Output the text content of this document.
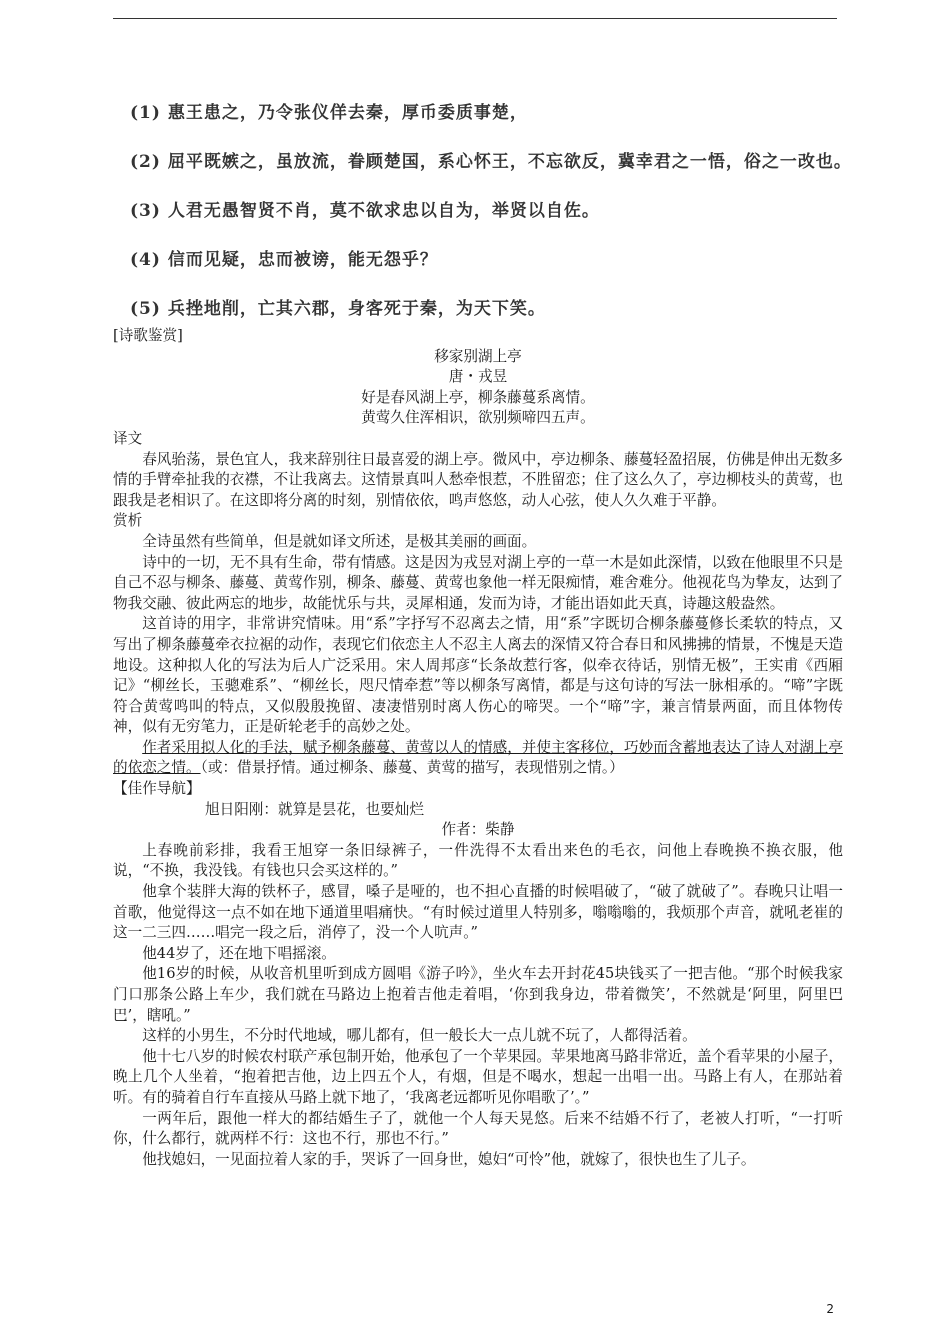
(1) 惠王患之，乃令张仪佯去秦，厚币委质事楚，
(2) 屈平既嫉之，虽放流，眷顾楚国，系心怀王，不忘欲反，冀幸君之一悟，俗之一改也。
(3) 人君无愚智贤不肖，莫不欲求忠以自为，举贤以自佐。
(4) 信而见疑，忠而被谤，能无怨乎？
(5) 兵挫地削，亡其六郡，身客死于秦，为天下笑。

[诗歌鉴赏]

移家别湖上亭

唐・戎昱

好是春风湖上亭，柳条藤蔓系离情。

黄莺久住浑相识，欲别频啼四五声。

译文

春风骀荡，景色宜人，我来辞别往日最喜爱的湖上亭。微风中，亭边柳条、藤蔓轻盈招展，仿佛是伸出无数多情的手臂牵扯我的衣襟，不让我离去。这情景真叫人愁牵恨惹，不胜留恋；住了这么久了，亭边柳枝头的黄莺，也跟我是老相识了。在这即将分离的时刻，别情依依，鸣声悠悠，动人心弦，使人久久难于平静。

赏析

全诗虽然有些简单，但是就如译文所述，是极其美丽的画面。

诗中的一切，无不具有生命，带有情感。这是因为戎昱对湖上亭的一草一木是如此深情，以致在他眼里不只是自己不忍与柳条、藤蔓、黄莺作别，柳条、藤蔓、黄莺也象他一样无限痴情，难舍难分。他视花鸟为挚友，达到了物我交融、彼此两忘的地步，故能忧乐与共，灵犀相通，发而为诗，才能出语如此天真，诗趣这般盎然。

这首诗的用字，非常讲究情味。用“系”字抒写不忍离去之情，用“系”字既切合柳条藤蔓修长柔软的特点，又写出了柳条藤蔓牵衣拉裾的动作，表现它们依恋主人不忍主人离去的深情又符合春日和风拂拂的情景，不愧是天造地设。这种拟人化的写法为后人广泛采用。宋人周邦彦“长条故惹行客，似牵衣待话，别情无极”，王实甫《西厢记》“柳丝长，玉骢难系”、“柳丝长，咫尺情牵惹”等以柳条写离情，都是与这句诗的写法一脉相承的。“啼”字既符合黄莺鸣叫的特点，又似殷殷挽留、凄凄惜别时离人伤心的啼哭。一个“啼”字，兼言情景两面，而且体物传神，似有无穷笔力，正是斫轮老手的高妙之处。

作者采用拟人化的手法，赋予柳条藤蔓、黄莺以人的情感，并使主客移位，巧妙而含蓄地表达了诗人对湖上亭的依恋之情。（或：借景抒情。通过柳条、藤蔓、黄莺的描写，表现惜别之情。）

【佳作导航】

旭日阳刚：就算是昙花，也要灿烂

作者：柴静

上春晚前彩排，我看王旭穿一条旧绿裤子，一件洗得不太看出来色的毛衣，问他上春晚换不换衣服，他说，“不换，我没钱。有钱也只会买这样的。”

他拿个装胖大海的铁杯子，感冒，嗓子是哑的，也不担心直播的时候唱破了，“破了就破了”。春晚只让唱一首歌，他觉得这一点不如在地下通道里唱痛快。“有时候过道里人特别多，嗡嗡嗡的，我烦那个声音，就吼老崔的这一二三四……唱完一段之后，消停了，没一个人吭声。”

他44岁了，还在地下唱摇滚。

他16岁的时候，从收音机里听到成方圆唱《游子吟》，坐火车去开封花45块钱买了一把吉他。“那个时候我家门口那条公路上车少，我们就在马路边上抱着吉他走着唱，‘你到我身边，带着微笑’，不然就是‘阿里，阿里巴巴’，瞎吼。”

这样的小男生，不分时代地域，哪儿都有，但一般长大一点儿就不玩了，人都得活着。

他十七八岁的时候农村联产承包制开始，他承包了一个苹果园。苹果地离马路非常近，盖个看苹果的小屋子，晚上几个人坐着，“抱着把吉他，边上四五个人，有烟，但是不喝水，想起一出唱一出。马路上有人，在那站着听。有的骑着自行车直接从马路上就下地了，‘我离老远都听见你唱歌了’。”

一两年后，跟他一样大的都结婚生子了，就他一个人每天晃悠。后来不结婚不行了，老被人打听，“一打听你，什么都行，就两样不行：这也不行，那也不行。”

他找媳妇，一见面拉着人家的手，哭诉了一回身世，媳妇“可怜”他，就嫁了，很快也生了儿子。

2
